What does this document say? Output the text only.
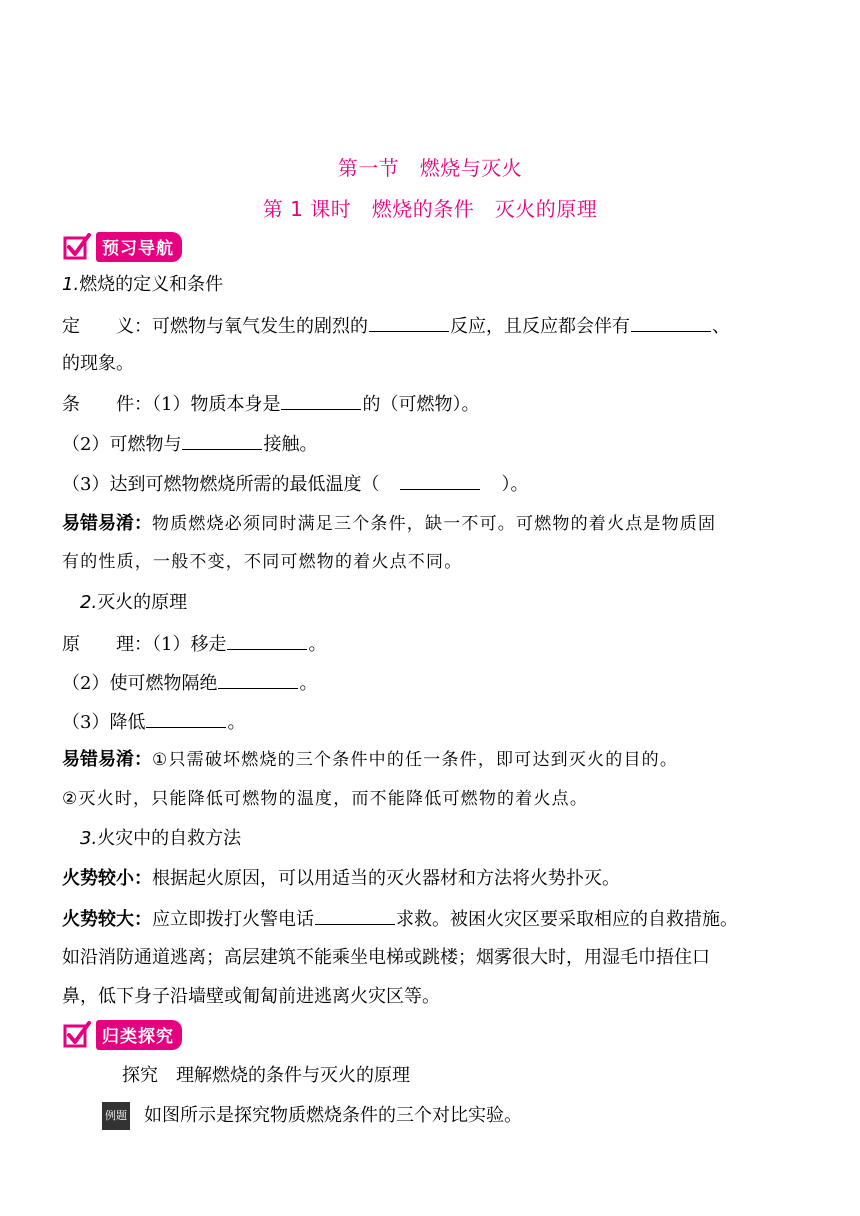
第一节　燃烧与灭火
第 1 课时　燃烧的条件　灭火的原理
预习导航
1.燃烧的定义和条件
定　　义：可燃物与氧气发生的剧烈的	反应，且反应都会伴有	、
的现象。
条　　件：（1）物质本身是	的（可燃物）。
（2）可燃物与	接触。
（3）达到可燃物燃烧所需的最低温度（	）。
易错易淆：物质燃烧必须同时满足三个条件，缺一不可。可燃物的着火点是物质固
有的性质，一般不变，不同可燃物的着火点不同。
2.灭火的原理
原　　理：（1）移走	。
（2）使可燃物隔绝	。
（3）降低	。
易错易淆：①只需破坏燃烧的三个条件中的任一条件，即可达到灭火的目的。
②灭火时，只能降低可燃物的温度，而不能降低可燃物的着火点。
3.火灾中的自救方法
火势较小：根据起火原因，可以用适当的灭火器材和方法将火势扑灭。
火势较大：应立即拨打火警电话	求救。被困火灾区要采取相应的自救措施。
如沿消防通道逃离；高层建筑不能乘坐电梯或跳楼；烟雾很大时，用湿毛巾捂住口
鼻，低下身子沿墙壁或匍匐前进逃离火灾区等。
归类探究
探究　理解燃烧的条件与灭火的原理
例题 如图所示是探究物质燃烧条件的三个对比实验。
